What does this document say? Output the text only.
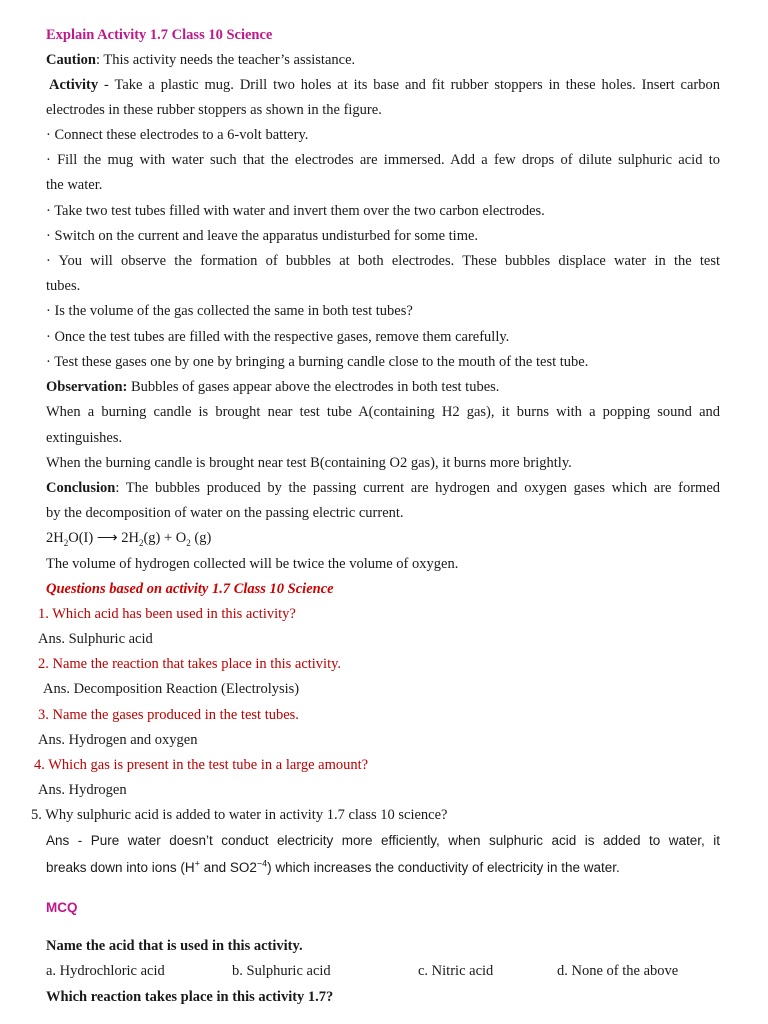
Explain Activity 1.7 Class 10 Science
Caution: This activity needs the teacher’s assistance.
Activity - Take a plastic mug. Drill two holes at its base and fit rubber stoppers in these holes. Insert carbon
electrodes in these rubber stoppers as shown in the figure.
· Connect these electrodes to a 6-volt battery.
· Fill the mug with water such that the electrodes are immersed. Add a few drops of dilute sulphuric acid to
the water.
· Take two test tubes filled with water and invert them over the two carbon electrodes.
· Switch on the current and leave the apparatus undisturbed for some time.
· You will observe the formation of bubbles at both electrodes. These bubbles displace water in the test
tubes.
· Is the volume of the gas collected the same in both test tubes?
· Once the test tubes are filled with the respective gases, remove them carefully.
· Test these gases one by one by bringing a burning candle close to the mouth of the test tube.
Observation: Bubbles of gases appear above the electrodes in both test tubes.
When a burning candle is brought near test tube A(containing H2 gas), it burns with a popping sound and
extinguishes.
When the burning candle is brought near test B(containing O2 gas), it burns more brightly.
Conclusion: The bubbles produced by the passing current are hydrogen and oxygen gases which are formed
by the decomposition of water on the passing electric current.
$2H_2O(I)$ ⟶ $2H_2(g) + O_2$ (g)
The volume of hydrogen collected will be twice the volume of oxygen.
Questions based on activity 1.7 Class 10 Science
1. Which acid has been used in this activity?
Ans. Sulphuric acid
2. Name the reaction that takes place in this activity.
Ans. Decomposition Reaction (Electrolysis)
3. Name the gases produced in the test tubes.
Ans. Hydrogen and oxygen
4. Which gas is present in the test tube in a large amount?
Ans. Hydrogen
5. Why sulphuric acid is added to water in activity 1.7 class 10 science?
Ans - Pure water doesn’t conduct electricity more efficiently, when sulphuric acid is added to water, it
breaks down into ions (H+ and $SO2^{-4}$) which increases the conductivity of electricity in the water.
MCQ
Name the acid that is used in this activity.
a. Hydrochloric acid	b. Sulphuric acid	c. Nitric acid	d. None of the above
Which reaction takes place in this activity 1.7?
